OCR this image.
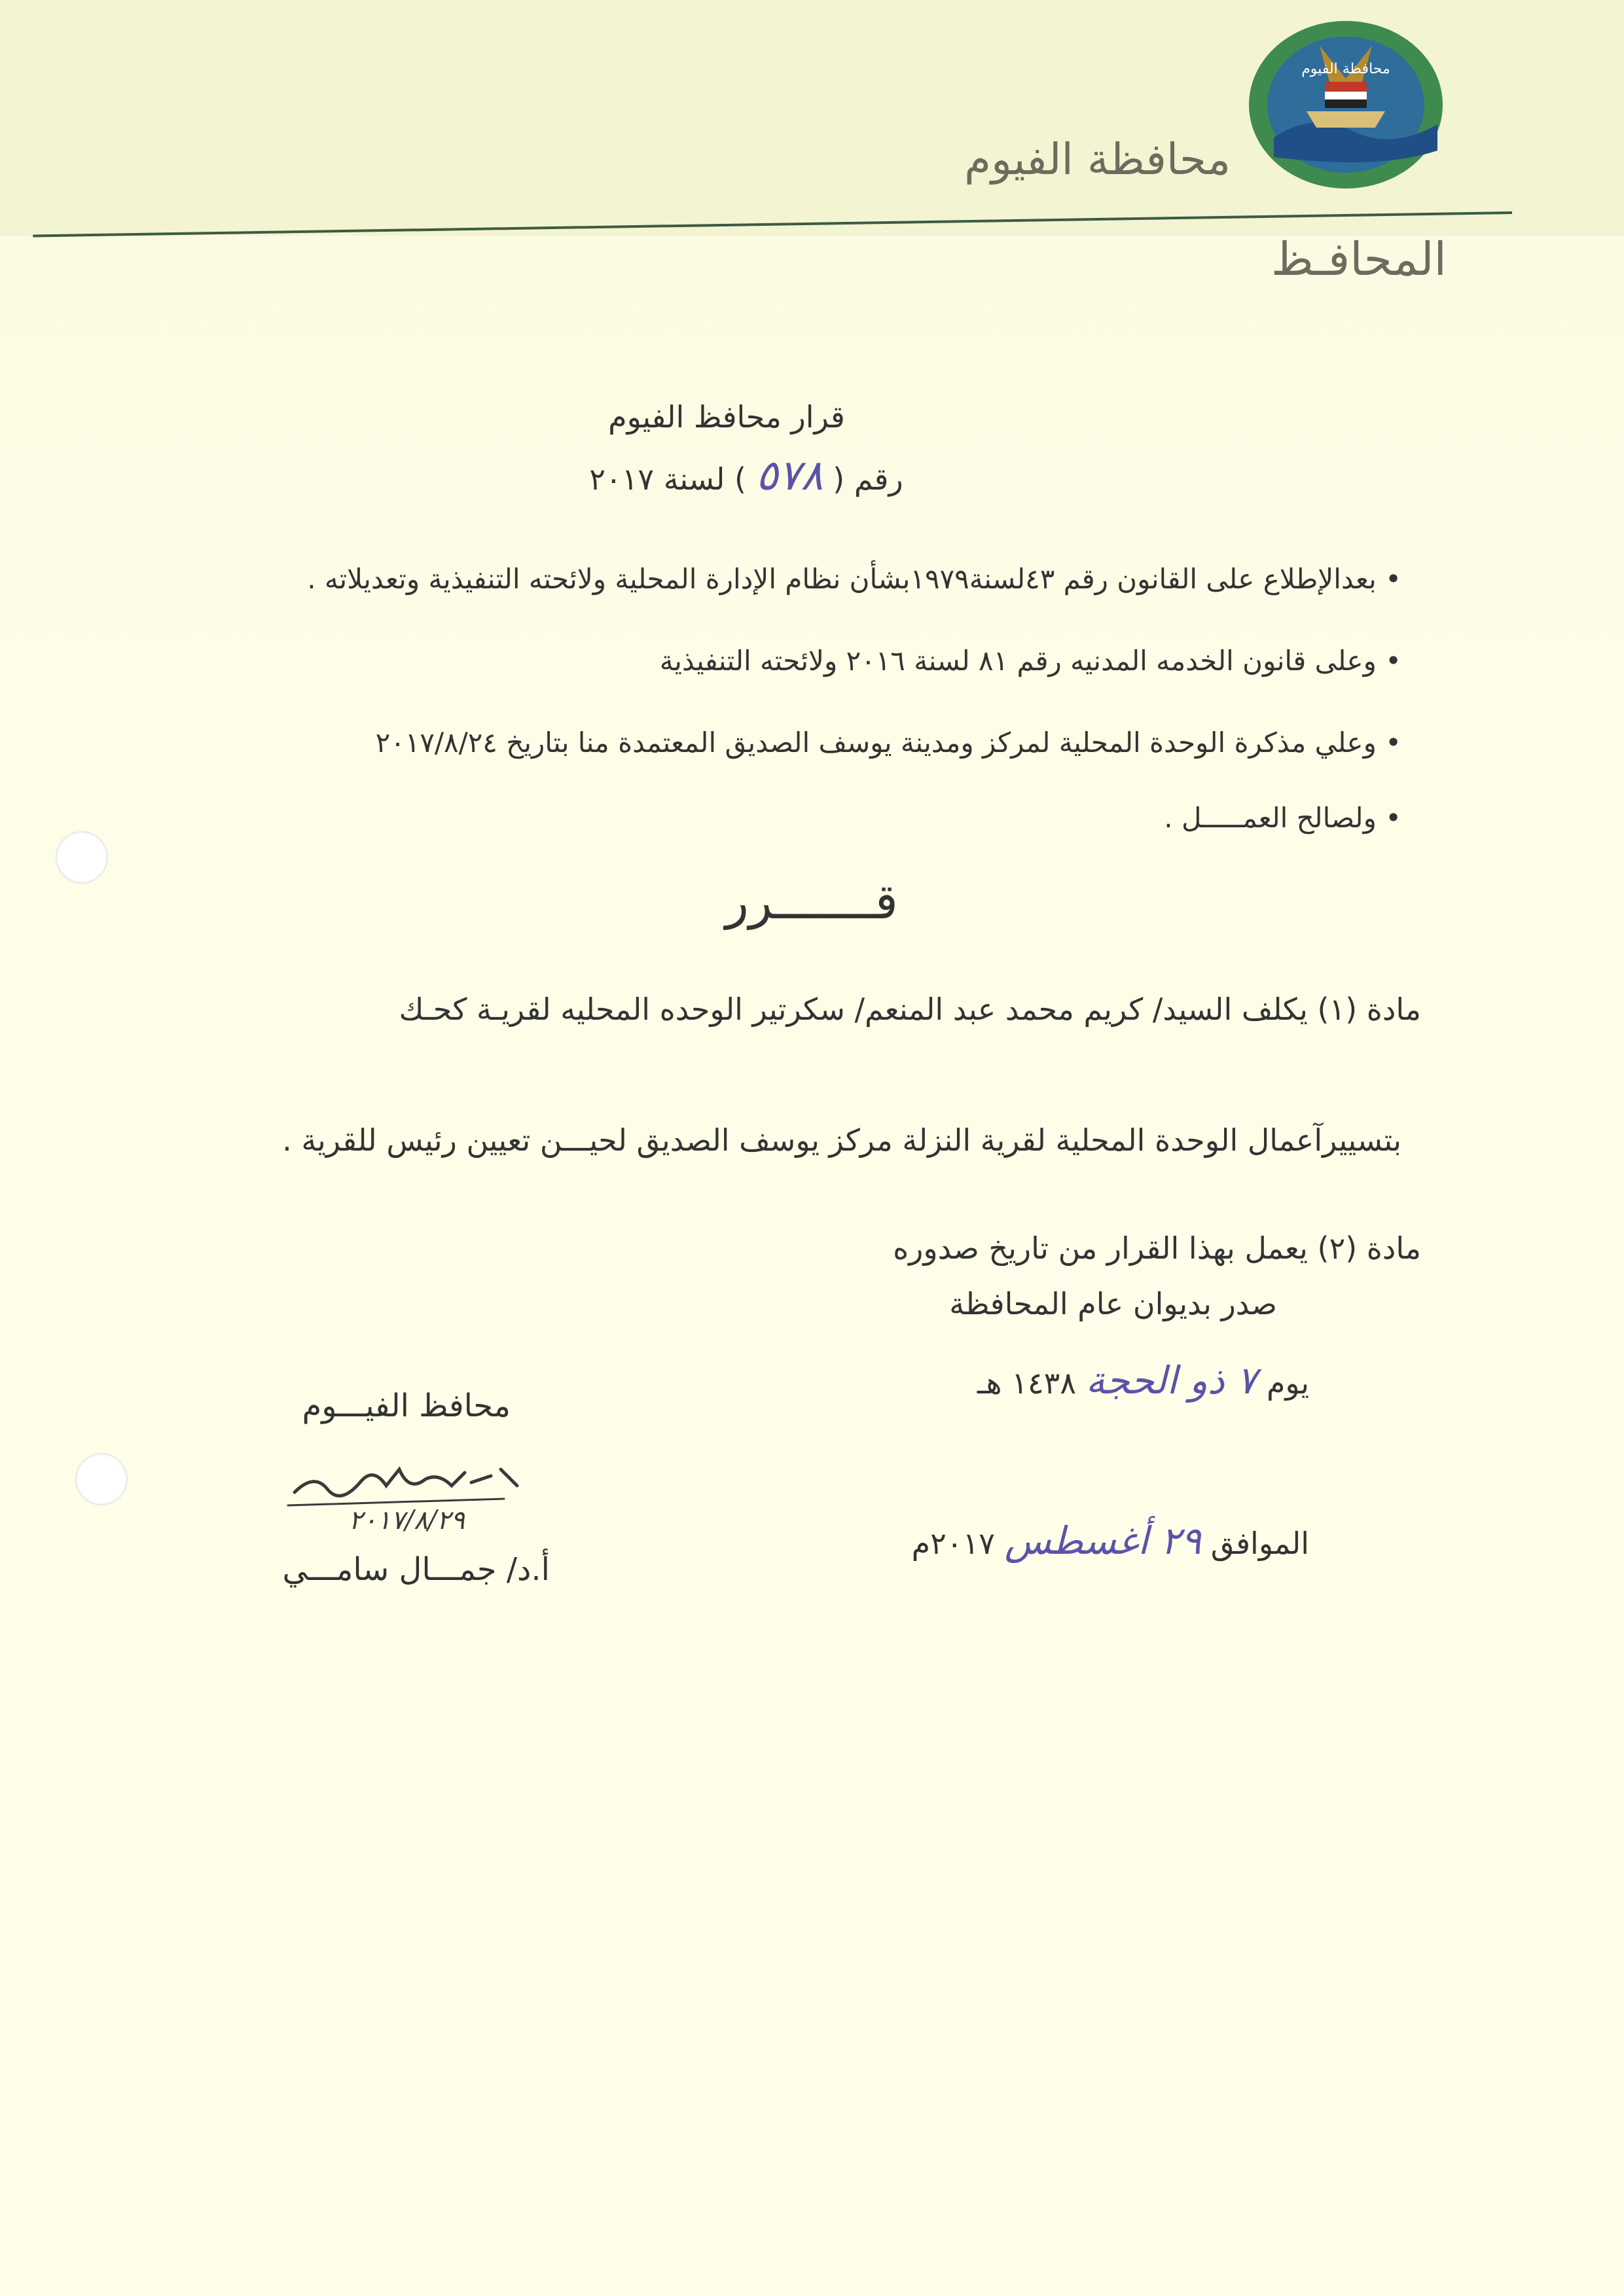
محافظة الفيوم
محافظة الفيوم
المحافـظ
قرار محافظ الفيوم
رقم ( ٥٧٨ ) لسنة ٢٠١٧
• بعدالإطلاع على القانون رقم ٤٣لسنة١٩٧٩بشأن نظام الإدارة المحلية ولائحته التنفيذية وتعديلاته .
• وعلى قانون الخدمه المدنيه رقم ٨١ لسنة ٢٠١٦ ولائحته التنفيذية
• وعلي مذكرة الوحدة المحلية لمركز ومدينة يوسف الصديق المعتمدة منا بتاريخ ٢٠١٧/٨/٢٤
• ولصالح العمـــــل .
قـــــــرر
مادة (١) يكلف السيد/ كريم محمد عبد المنعم/ سكرتير الوحده المحليه لقريـة كحـك
بتسييرآعمال الوحدة المحلية لقرية النزلة مركز يوسف الصديق لحيـــن تعيين رئيس للقرية .
مادة (٢) يعمل بهذا القرار من تاريخ صدوره
صدر بديوان عام المحافظة
يوم ٧ ذو الحجة ١٤٣٨ هـ
الموافق ٢٩ أغسطس ٢٠١٧م
محافظ الفيـــوم
٢٠١٧/٨/٢٩
أ.د/ جمـــال سامـــي
